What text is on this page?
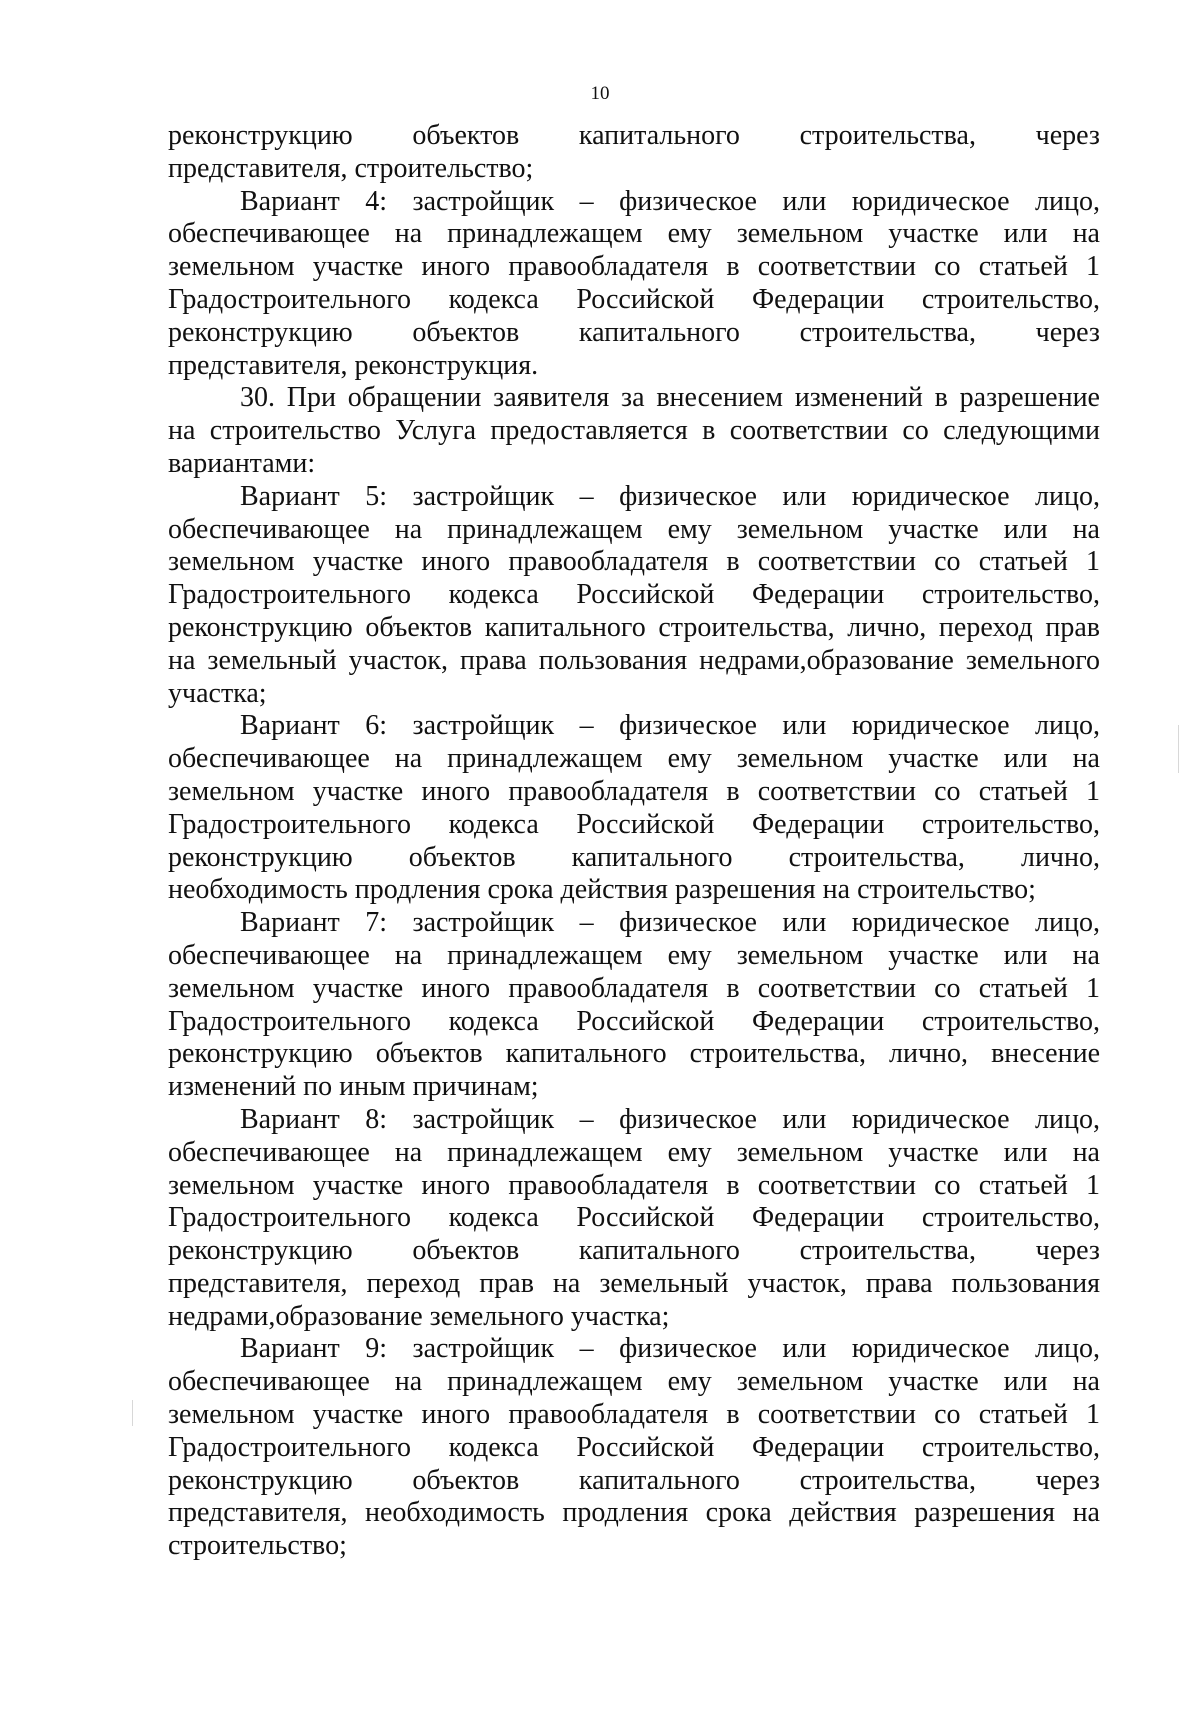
10

реконструкцию объектов капитального строительства, через
представителя, строительство;

Вариант 4: застройщик – физическое или юридическое лицо,
обеспечивающее на принадлежащем ему земельном участке или на
земельном участке иного правообладателя в соответствии со статьей 1
Градостроительного кодекса Российской Федерации строительство,
реконструкцию объектов капитального строительства, через
представителя, реконструкция.

30. При обращении заявителя за внесением изменений в разрешение
на строительство Услуга предоставляется в соответствии со следующими
вариантами:

Вариант 5: застройщик – физическое или юридическое лицо,
обеспечивающее на принадлежащем ему земельном участке или на
земельном участке иного правообладателя в соответствии со статьей 1
Градостроительного кодекса Российской Федерации строительство,
реконструкцию объектов капитального строительства, лично, переход прав
на земельный участок, права пользования недрами,образование земельного
участка;

Вариант 6: застройщик – физическое или юридическое лицо,
обеспечивающее на принадлежащем ему земельном участке или на
земельном участке иного правообладателя в соответствии со статьей 1
Градостроительного кодекса Российской Федерации строительство,
реконструкцию объектов капитального строительства, лично,
необходимость продления срока действия разрешения на строительство;

Вариант 7: застройщик – физическое или юридическое лицо,
обеспечивающее на принадлежащем ему земельном участке или на
земельном участке иного правообладателя в соответствии со статьей 1
Градостроительного кодекса Российской Федерации строительство,
реконструкцию объектов капитального строительства, лично, внесение
изменений по иным причинам;

Вариант 8: застройщик – физическое или юридическое лицо,
обеспечивающее на принадлежащем ему земельном участке или на
земельном участке иного правообладателя в соответствии со статьей 1
Градостроительного кодекса Российской Федерации строительство,
реконструкцию объектов капитального строительства, через
представителя, переход прав на земельный участок, права пользования
недрами,образование земельного участка;

Вариант 9: застройщик – физическое или юридическое лицо,
обеспечивающее на принадлежащем ему земельном участке или на
земельном участке иного правообладателя в соответствии со статьей 1
Градостроительного кодекса Российской Федерации строительство,
реконструкцию объектов капитального строительства, через
представителя, необходимость продления срока действия разрешения на
строительство;
